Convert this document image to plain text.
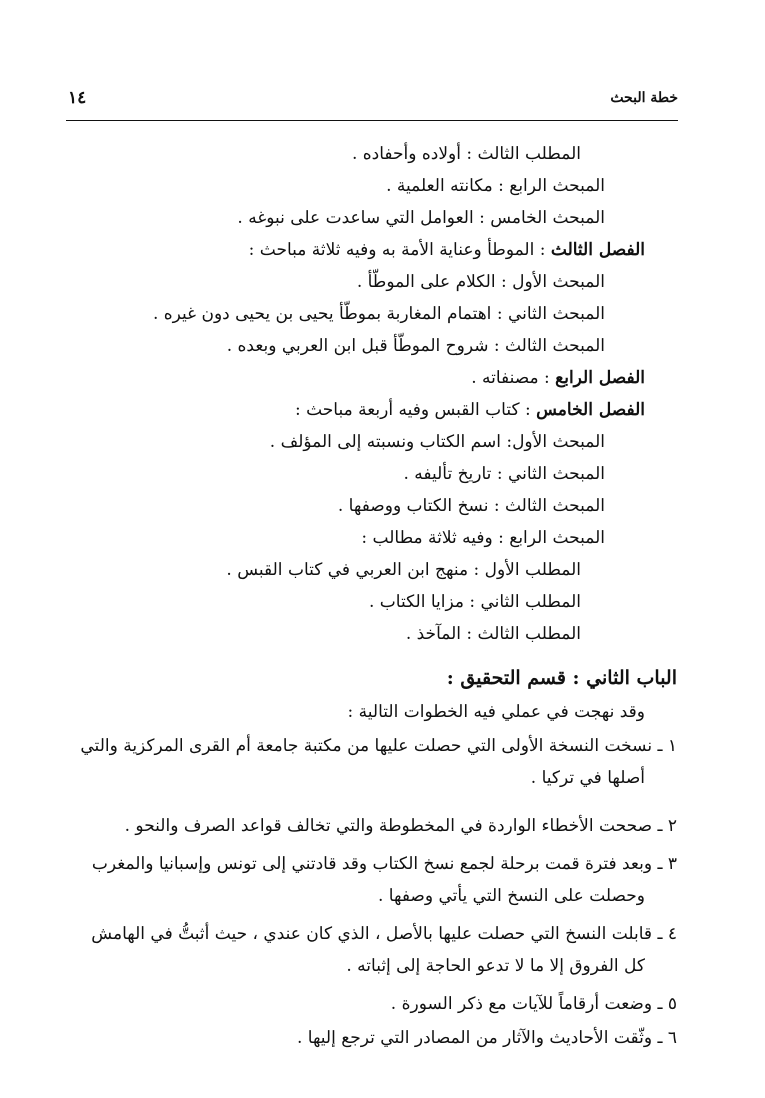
خطة البحث
١٤
المطلب الثالث : أولاده وأحفاده .
المبحث الرابع : مكانته العلمية .
المبحث الخامس : العوامل التي ساعدت على نبوغه .
الفصل الثالث : الموطأ وعناية الأمة به وفيه ثلاثة مباحث :
المبحث الأول : الكلام على الموطّأ .
المبحث الثاني : اهتمام المغاربة بموطّأ يحيى بن يحيى دون غيره .
المبحث الثالث : شروح الموطّأ قبل ابن العربي وبعده .
الفصل الرابع : مصنفاته .
الفصل الخامس : كتاب القبس وفيه أربعة مباحث :
المبحث الأول: اسم الكتاب ونسبته إلى المؤلف .
المبحث الثاني : تاريخ تأليفه .
المبحث الثالث : نسخ الكتاب ووصفها .
المبحث الرابع : وفيه ثلاثة مطالب :
المطلب الأول : منهج ابن العربي في كتاب القبس .
المطلب الثاني : مزايا الكتاب .
المطلب الثالث : المآخذ .
الباب الثاني : قسم التحقيق :
وقد نهجت في عملي فيه الخطوات التالية :
١ ـ نسخت النسخة الأولى التي حصلت عليها من مكتبة جامعة أم القرى المركزية والتي
أصلها في تركيا .
٢ ـ صححت الأخطاء الواردة في المخطوطة والتي تخالف قواعد الصرف والنحو .
٣ ـ وبعد فترة قمت برحلة لجمع نسخ الكتاب وقد قادتني إلى تونس وإسبانيا والمغرب
وحصلت على النسخ التي يأتي وصفها .
٤ ـ قابلت النسخ التي حصلت عليها بالأصل ، الذي كان عندي ، حيث أثبتُّ في الهامش
كل الفروق إلا ما لا تدعو الحاجة إلى إثباته .
٥ ـ وضعت أرقاماً للآيات مع ذكر السورة .
٦ ـ وثّقت الأحاديث والآثار من المصادر التي ترجع إليها .
